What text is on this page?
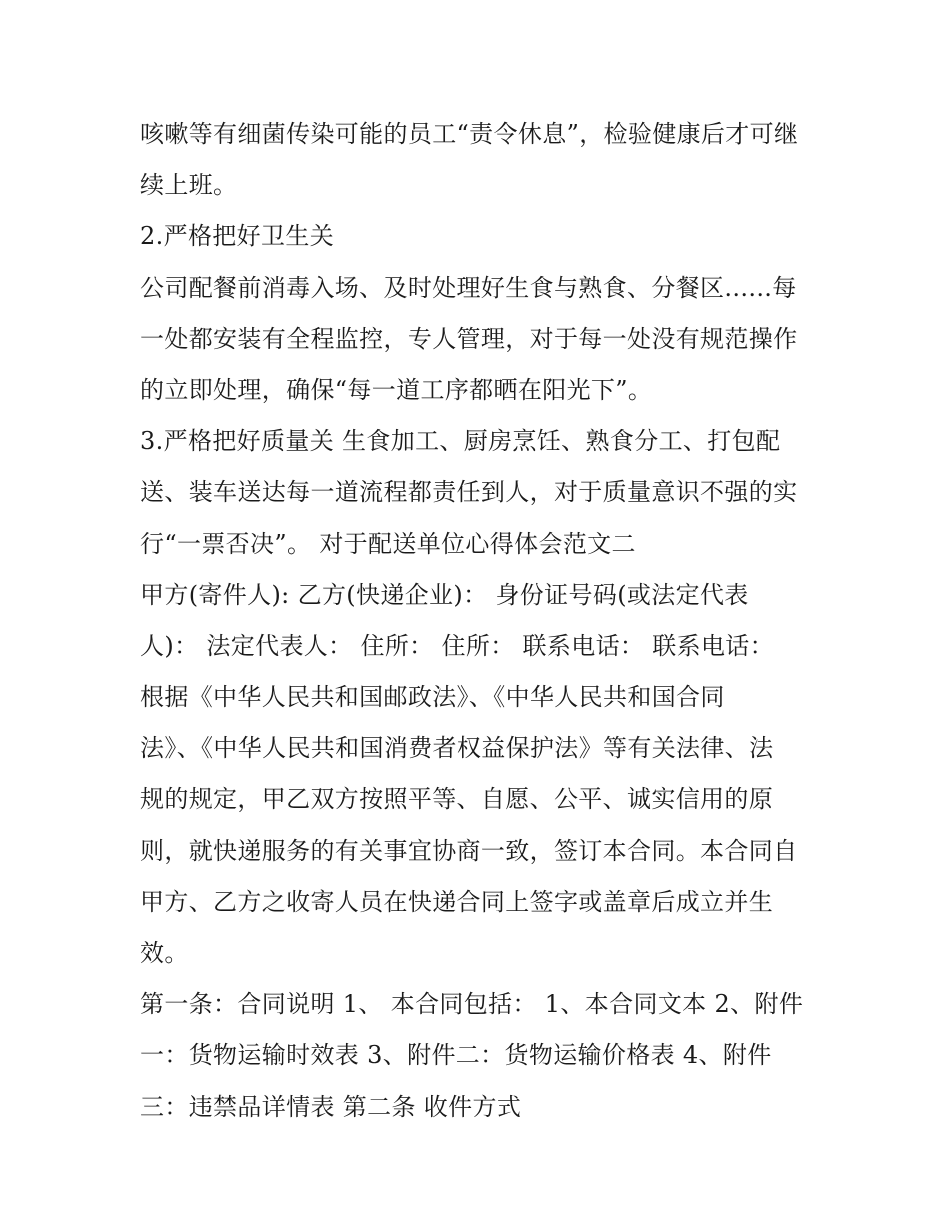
咳嗽等有细菌传染可能的员工“责令休息”，检验健康后才可继
续上班。
2.严格把好卫生关
公司配餐前消毒入场、及时处理好生食与熟食、分餐区......每
一处都安装有全程监控，专人管理，对于每一处没有规范操作
的立即处理，确保“每一道工序都晒在阳光下”。
3.严格把好质量关 生食加工、厨房烹饪、熟食分工、打包配
送、装车送达每一道流程都责任到人，对于质量意识不强的实
行“一票否决”。 对于配送单位心得体会范文二
甲方(寄件人): 乙方(快递企业)： 身份证号码(或法定代表
人)： 法定代表人： 住所： 住所： 联系电话： 联系电话：
根据《中华人民共和国邮政法》、《中华人民共和国合同
法》、《中华人民共和国消费者权益保护法》等有关法律、法
规的规定，甲乙双方按照平等、自愿、公平、诚实信用的原
则，就快递服务的有关事宜协商一致，签订本合同。本合同自
甲方、乙方之收寄人员在快递合同上签字或盖章后成立并生
效。
第一条：合同说明 1、 本合同包括： 1、本合同文本 2、附件
一：货物运输时效表 3、附件二：货物运输价格表 4、附件
三：违禁品详情表 第二条 收件方式
